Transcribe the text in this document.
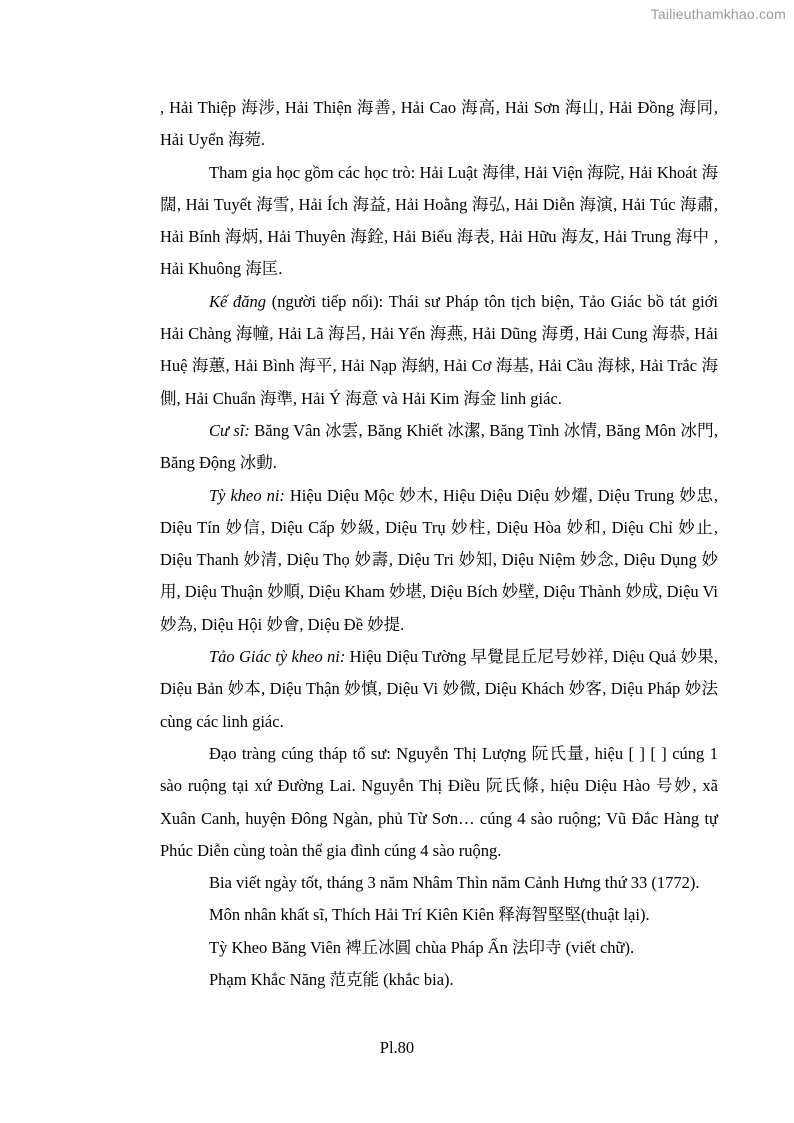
Tailieuthamkhao.com

, Hải Thiệp 海涉, Hải Thiện 海善, Hải Cao 海高, Hải Sơn 海山, Hải Đồng 海同, Hải Uyển 海菀.

Tham gia học gồm các học trò: Hải Luật 海律, Hải Viện 海院, Hải Khoát 海闊, Hải Tuyết 海雪, Hải Ích 海益, Hải Hoằng 海弘, Hải Diễn 海演, Hải Túc 海肅, Hải Bính 海炳, Hải Thuyên 海銓, Hải Biểu 海表, Hải Hữu 海友, Hải Trung 海中 , Hải Khuông 海匡.

Kế đăng (người tiếp nối): Thái sư Pháp tôn tịch biện, Tảo Giác bồ tát giới Hải Chàng 海幢, Hải Lã 海呂, Hải Yến 海燕, Hải Dũng 海勇, Hải Cung 海恭, Hải Huệ 海蕙, Hải Bình 海平, Hải Nạp 海納, Hải Cơ 海基, Hải Cầu 海梂, Hải Trắc 海側, Hải Chuẩn 海準, Hải Ý 海意 và Hải Kim 海金 linh giác.

Cư sĩ: Băng Vân 冰雲, Băng Khiết 冰潔, Băng Tình 冰情, Băng Môn 冰門, Băng Động 冰動.

Tỳ kheo ni: Hiệu Diệu Mộc 妙木, Hiệu Diệu Diệu 妙燿, Diệu Trung 妙忠, Diệu Tín 妙信, Diệu Cấp 妙級, Diệu Trụ 妙柱, Diệu Hòa 妙和, Diệu Chỉ 妙止, Diệu Thanh 妙清, Diệu Thọ 妙壽, Diệu Tri 妙知, Diệu Niệm 妙念, Diệu Dụng 妙用, Diệu Thuận 妙順, Diệu Kham 妙堪, Diệu Bích 妙壁, Diệu Thành 妙成, Diệu Vi 妙為, Diệu Hội 妙會, Diệu Đề 妙提.

Tảo Giác tỳ kheo ni: Hiệu Diệu Tường 早覺昆丘尼号妙祥, Diệu Quả 妙果, Diệu Bản 妙本, Diệu Thận 妙慎, Diệu Vi 妙微, Diệu Khách 妙客, Diệu Pháp 妙法 cùng các linh giác.

Đạo tràng cúng tháp tổ sư: Nguyễn Thị Lượng 阮氏量, hiệu [ ] [ ] cúng 1 sào ruộng tại xứ Đường Lai. Nguyễn Thị Điều 阮氏條, hiệu Diệu Hào 号妙, xã Xuân Canh, huyện Đông Ngàn, phủ Từ Sơn… cúng 4 sào ruộng; Vũ Đắc Hàng tự Phúc Diễn cùng toàn thể gia đình cúng 4 sào ruộng.

Bia viết ngày tốt, tháng 3 năm Nhâm Thìn năm Cảnh Hưng thứ 33 (1772).

Môn nhân khất sĩ, Thích Hải Trí Kiên Kiên 释海智堅堅(thuật lại).

Tỳ Kheo Băng Viên 裨丘冰圓 chùa Pháp Ấn 法印寺 (viết chữ).

Phạm Khắc Năng 范克能 (khắc bia).

Pl.80
